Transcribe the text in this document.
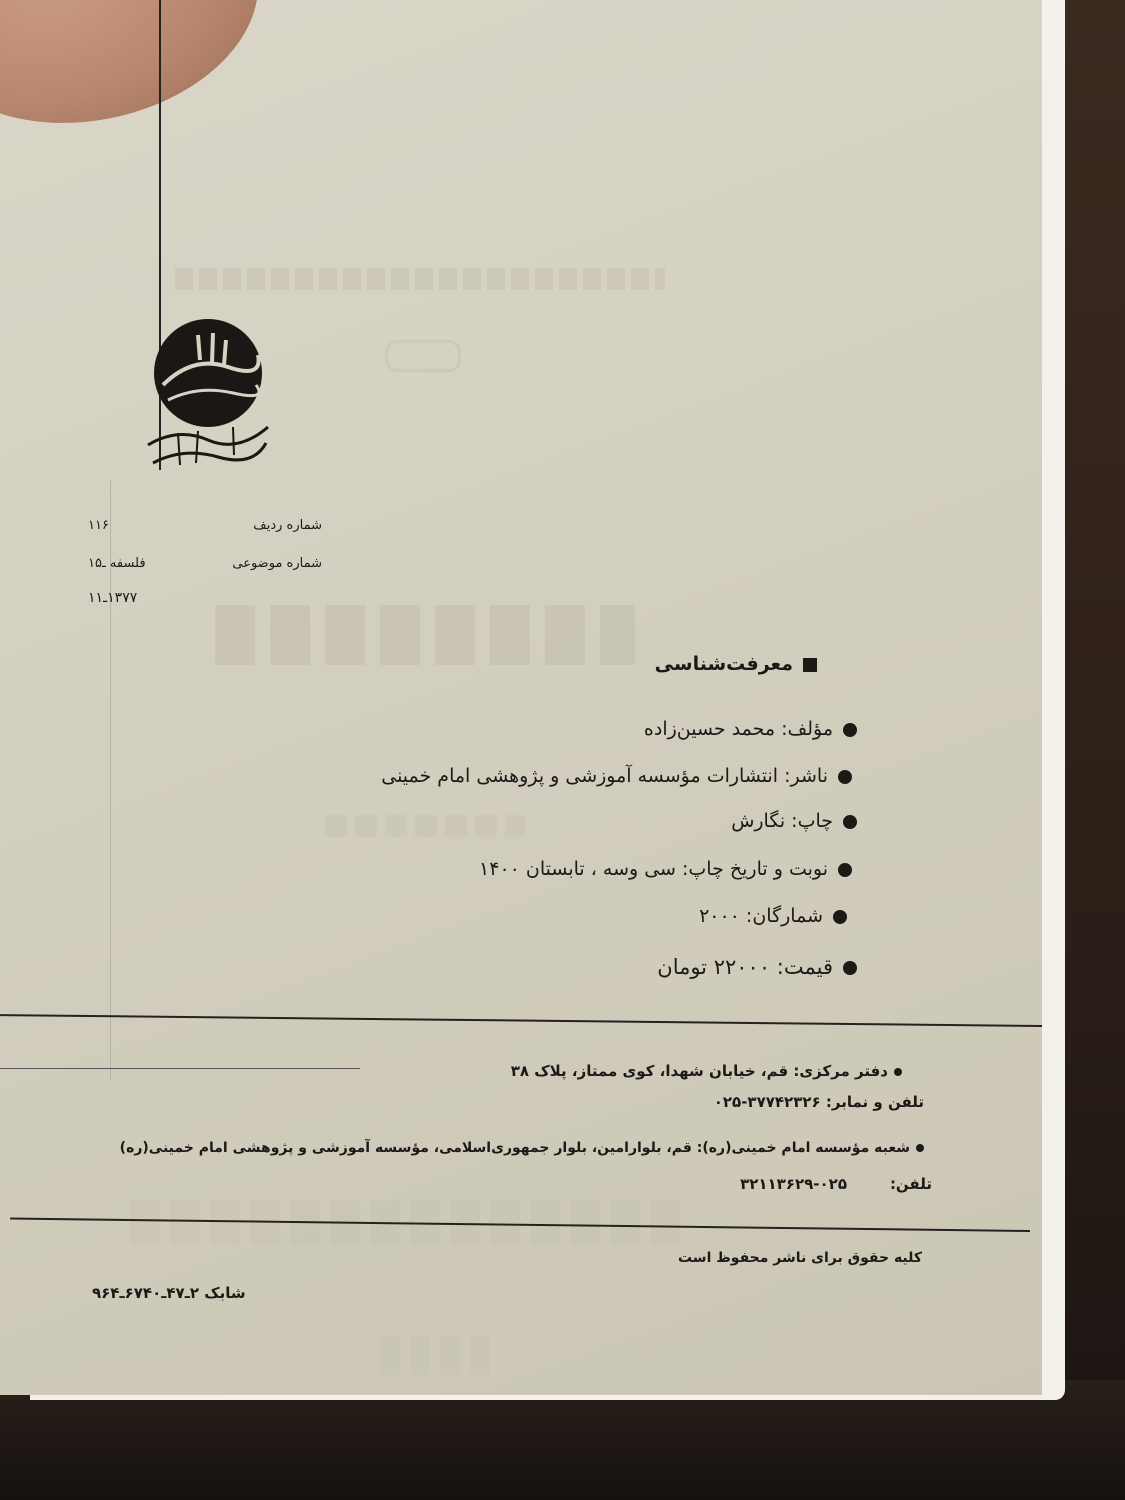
شماره ردیف
۱۱۶
شماره موضوعی
فلسفه ـ۱۵
۱۳۷۷ـ۱۱
معرفت‌شناسی
مؤلف: محمد حسین‌زاده
ناشر: انتشارات مؤسسه آموزشی و پژوهشی امام خمینی
چاپ: نگارش
نوبت و تاریخ چاپ: سی وسه ، تابستان ۱۴۰۰
شمارگان: ۲۰۰۰
قیمت: ۲۲۰۰۰ تومان
دفتر مرکزی: قم، خیابان شهدا، کوی ممتاز، پلاک ۳۸
تلفن و نمابر: ۳۷۷۴۲۳۲۶-۰۲۵
شعبه مؤسسه امام خمینی(ره): قم، بلوارامین، بلوار جمهوری‌اسلامی، مؤسسه آموزشی و پژوهشی امام خمینی(ره)
تلفن:
۳۲۱۱۳۶۲۹-۰۲۵
کلیه حقوق برای ناشر محفوظ است
شابک ۲ـ۴۷ـ۶۷۴۰ـ۹۶۴
